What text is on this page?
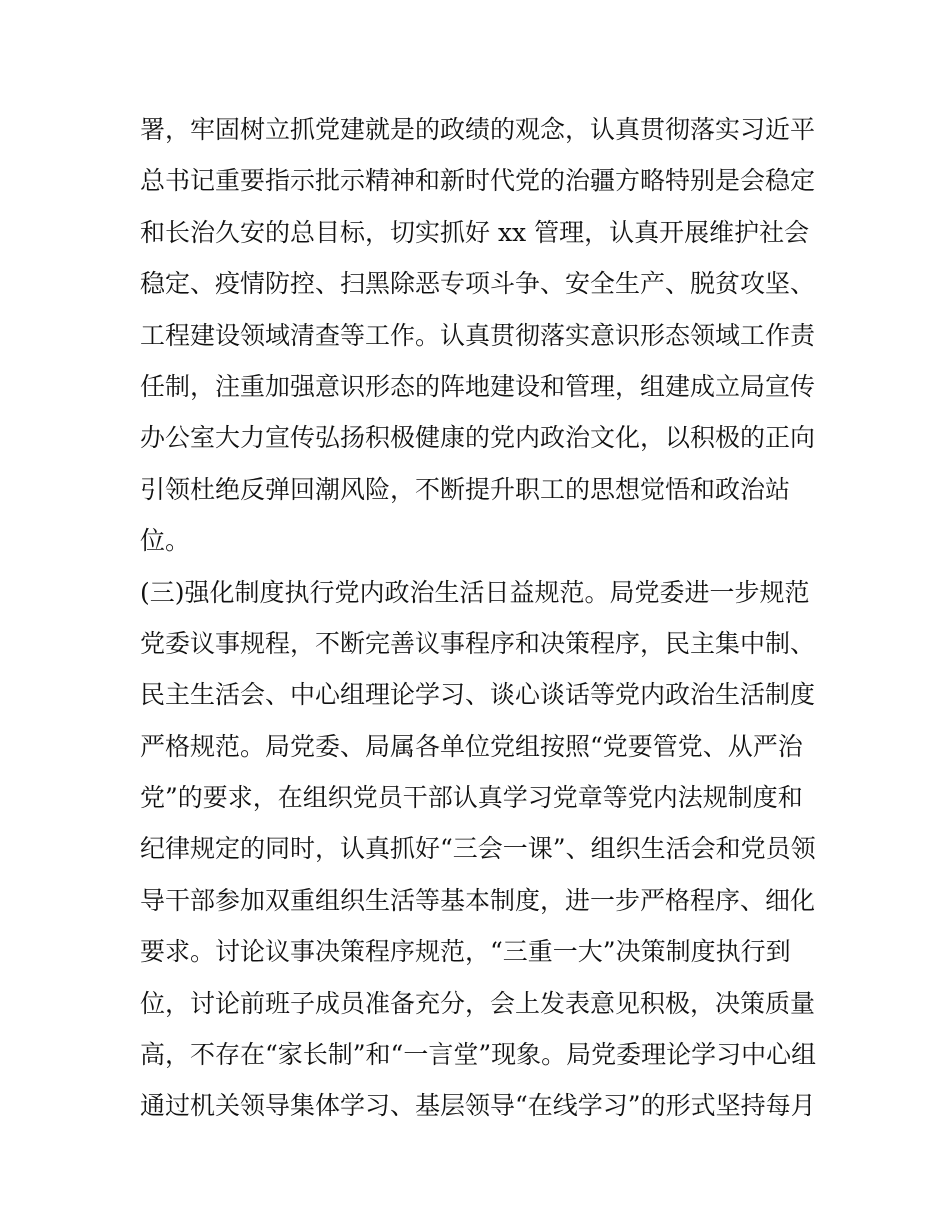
署，牢固树立抓党建就是的政绩的观念，认真贯彻落实习近平
总书记重要指示批示精神和新时代党的治疆方略特别是会稳定
和长治久安的总目标，切实抓好 xx 管理，认真开展维护社会
稳定、疫情防控、扫黑除恶专项斗争、安全生产、脱贫攻坚、
工程建设领域清查等工作。认真贯彻落实意识形态领域工作责
任制，注重加强意识形态的阵地建设和管理，组建成立局宣传
办公室大力宣传弘扬积极健康的党内政治文化，以积极的正向
引领杜绝反弹回潮风险，不断提升职工的思想觉悟和政治站
位。
(三)强化制度执行党内政治生活日益规范。局党委进一步规范
党委议事规程，不断完善议事程序和决策程序，民主集中制、
民主生活会、中心组理论学习、谈心谈话等党内政治生活制度
严格规范。局党委、局属各单位党组按照“党要管党、从严治
党”的要求，在组织党员干部认真学习党章等党内法规制度和
纪律规定的同时，认真抓好“三会一课”、组织生活会和党员领
导干部参加双重组织生活等基本制度，进一步严格程序、细化
要求。讨论议事决策程序规范，“三重一大”决策制度执行到
位，讨论前班子成员准备充分，会上发表意见积极，决策质量
高，不存在“家长制”和“一言堂”现象。局党委理论学习中心组
通过机关领导集体学习、基层领导“在线学习”的形式坚持每月
